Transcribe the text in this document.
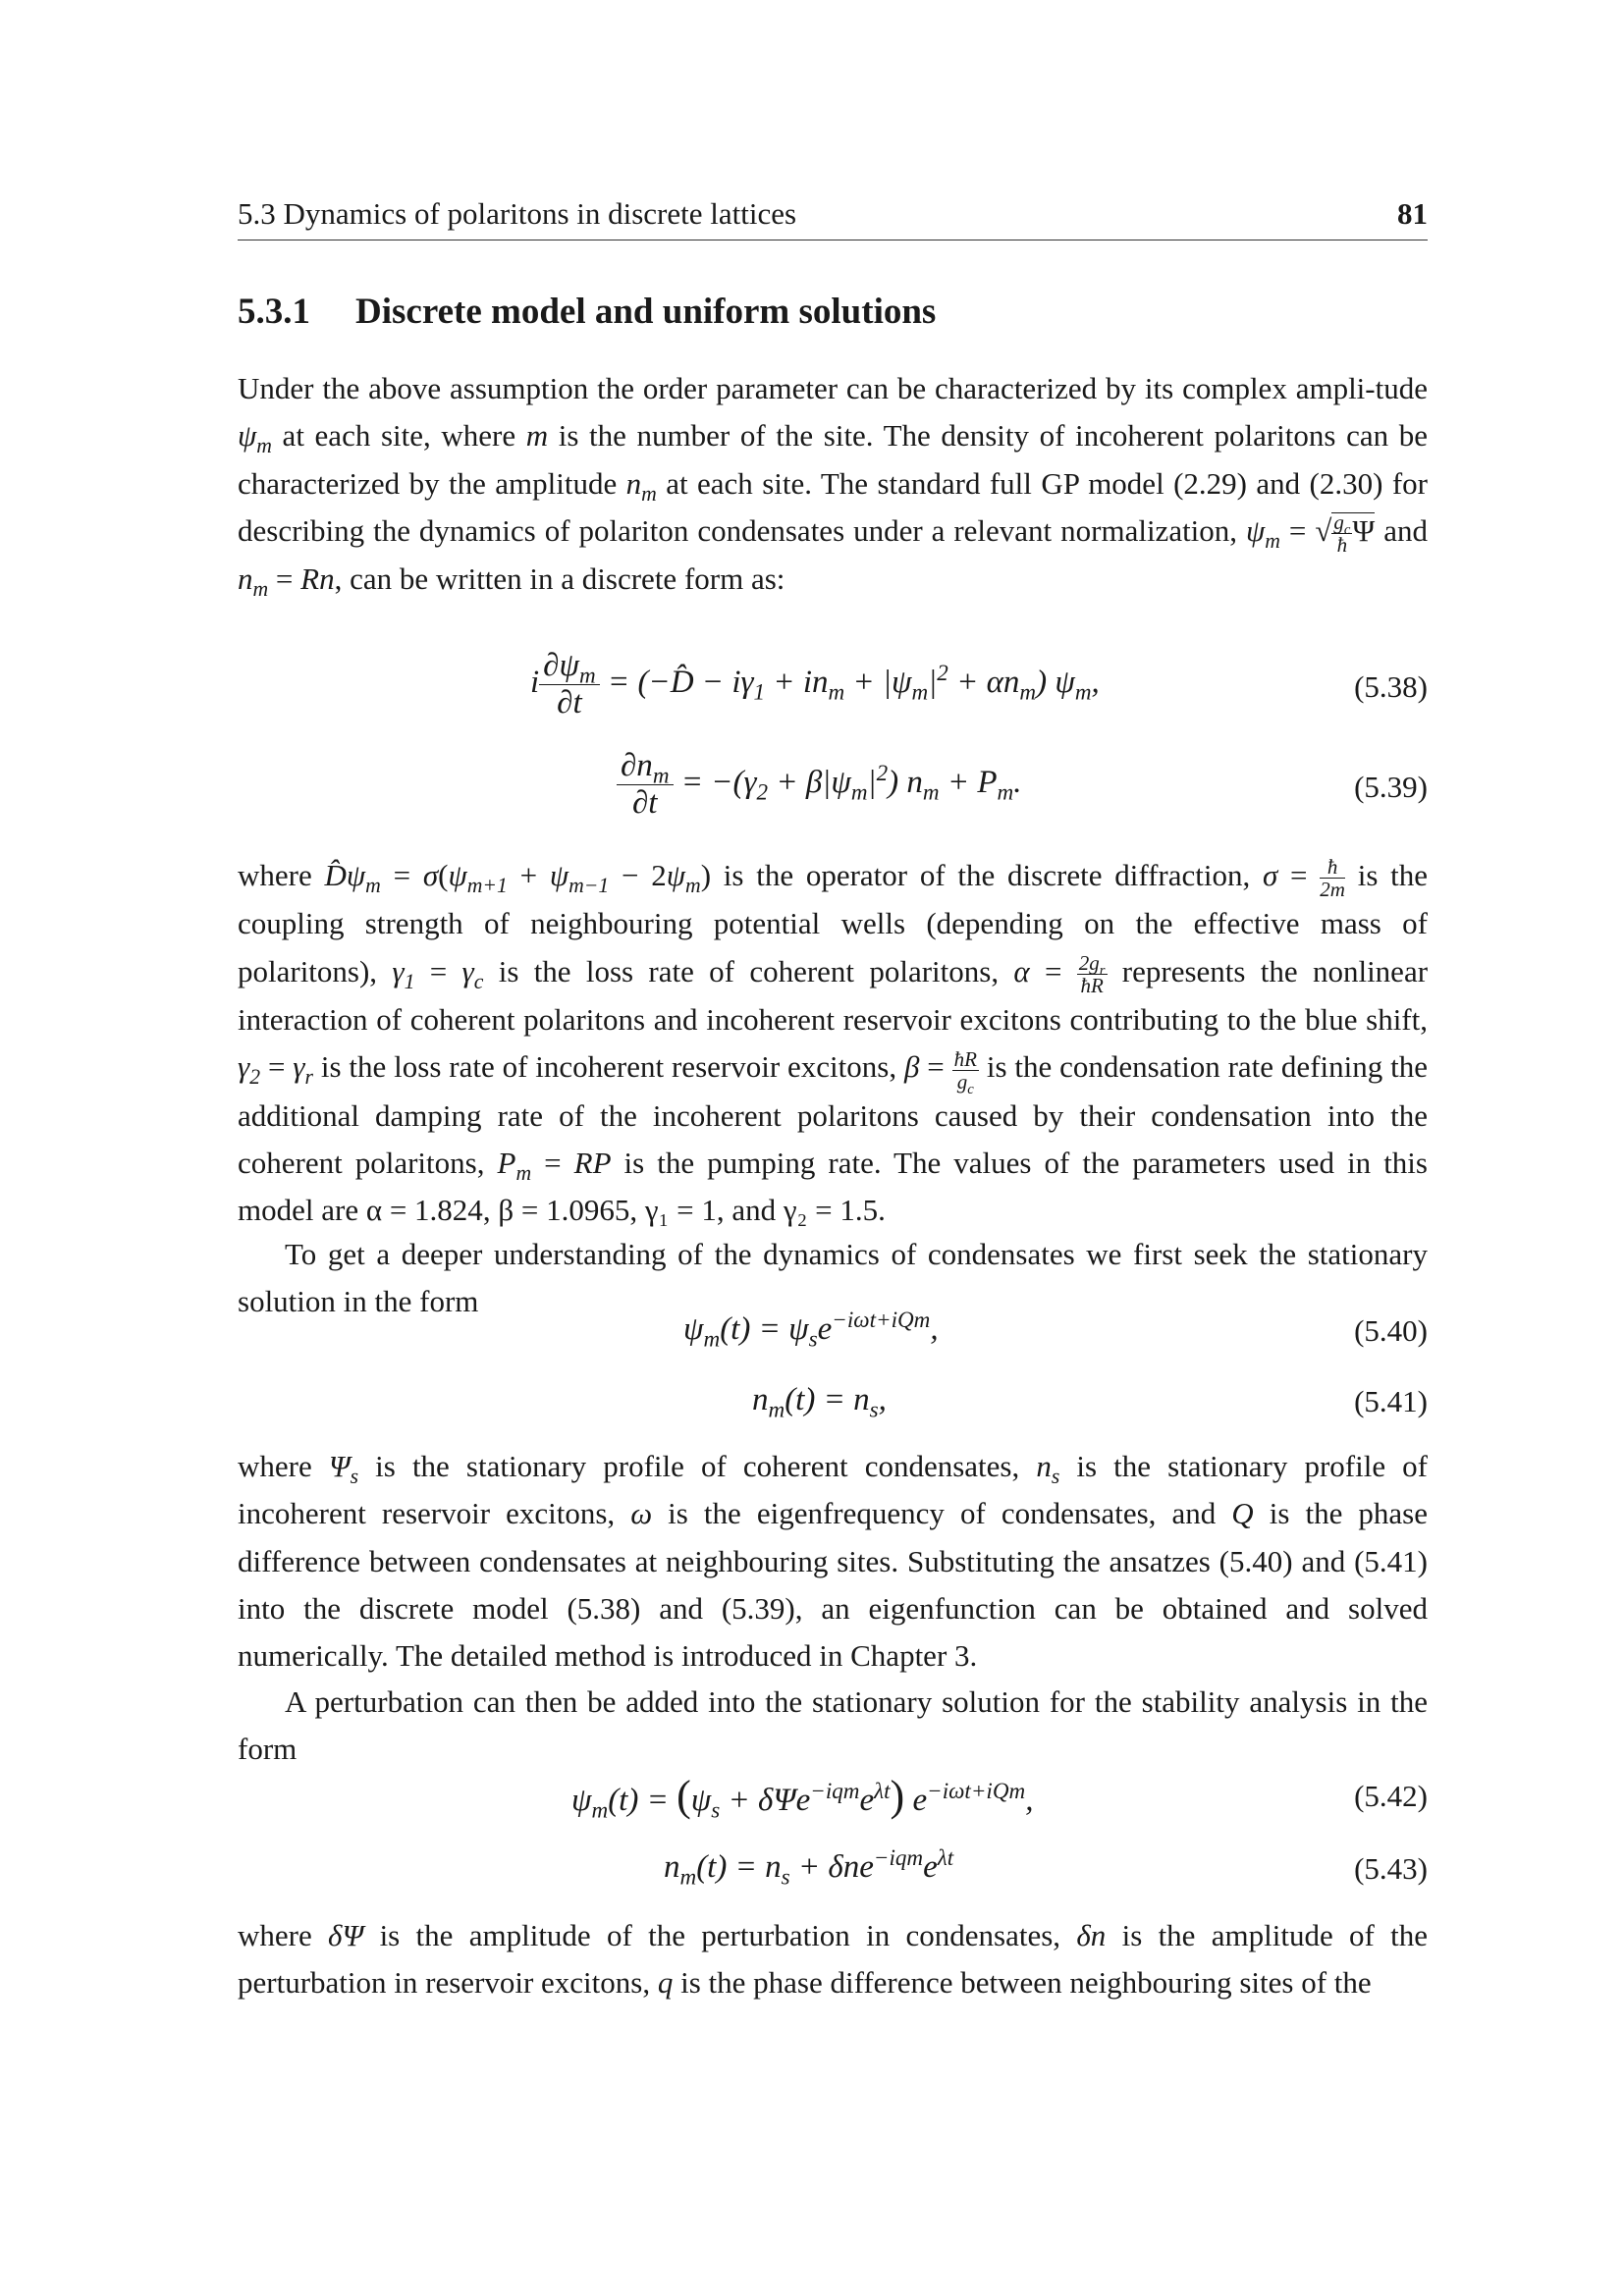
5.3 Dynamics of polaritons in discrete lattices	81
5.3.1 Discrete model and uniform solutions
Under the above assumption the order parameter can be characterized by its complex ampli-tude $\psi_m$ at each site, where m is the number of the site. The density of incoherent polaritons can be characterized by the amplitude $n_m$ at each site. The standard full GP model (2.29) and (2.30) for describing the dynamics of polariton condensates under a relevant normalization, $\psi_m$ = √ $\frac{g_c}{ħ}\Psi$ and $n_m = Rn$, can be written in a discrete form as:
i $\frac{\partial\psi_m}{\partial t}$ = (−D̂ − $i\gamma_1 + in_m + |\psi_m|^2 + \alpha n_m$) $\psi_m$,	(5.38)
$\frac{\partial n_m}{\partial t} = -(\gamma_2 + \beta|\psi_m|^2) n_m + P_m$.	(5.39)
where $D̂\psi_m = \sigma(\psi_{m+1} + \psi_{m-1} - 2\psi_m)$ is the operator of the discrete diffraction, $\sigma = \frac{ħ}{2m}$ is the coupling strength of neighbouring potential wells (depending on the effective mass of polaritons), $\gamma_1 = \gamma_c$ is the loss rate of coherent polaritons, $\alpha = \frac{2g_r}{ħR}$ represents the nonlinear interaction of coherent polaritons and incoherent reservoir excitons contributing to the blue shift, $\gamma_2 = \gamma_r$ is the loss rate of incoherent reservoir excitons, $\beta = \frac{ħR}{g_c}$ is the condensation rate defining the additional damping rate of the incoherent polaritons caused by their condensation into the coherent polaritons, $P_m$ = RP is the pumping rate. The values of the parameters used in this model are α = 1.824, β = 1.0965, γ₁ = 1, and γ₂ = 1.5.
To get a deeper understanding of the dynamics of condensates we first seek the stationary solution in the form
$\psi_m(t) = \psi_se^{-i\omega t+iQm}$,	(5.40)
$n_m(t) = n_s$,	(5.41)
where $\Psi_s$ is the stationary profile of coherent condensates, $n_s$ is the stationary profile of incoherent reservoir excitons, ω is the eigenfrequency of condensates, and Q is the phase difference between condensates at neighbouring sites. Substituting the ansatzes (5.40) and (5.41) into the discrete model (5.38) and (5.39), an eigenfunction can be obtained and solved numerically. The detailed method is introduced in Chapter 3.
A perturbation can then be added into the stationary solution for the stability analysis in the form
$\psi_m(t) = (\psi_s + \delta\Psi e^{-iqm}e^{\lambda t})$ $e^{-i\omega t+iQm}$,	(5.42)
$n_m(t) = n_s + \delta ne^{-iqm}e^{\lambda t}$	(5.43)
where δΨ is the amplitude of the perturbation in condensates, δn is the amplitude of the perturbation in reservoir excitons, q is the phase difference between neighbouring sites of the
